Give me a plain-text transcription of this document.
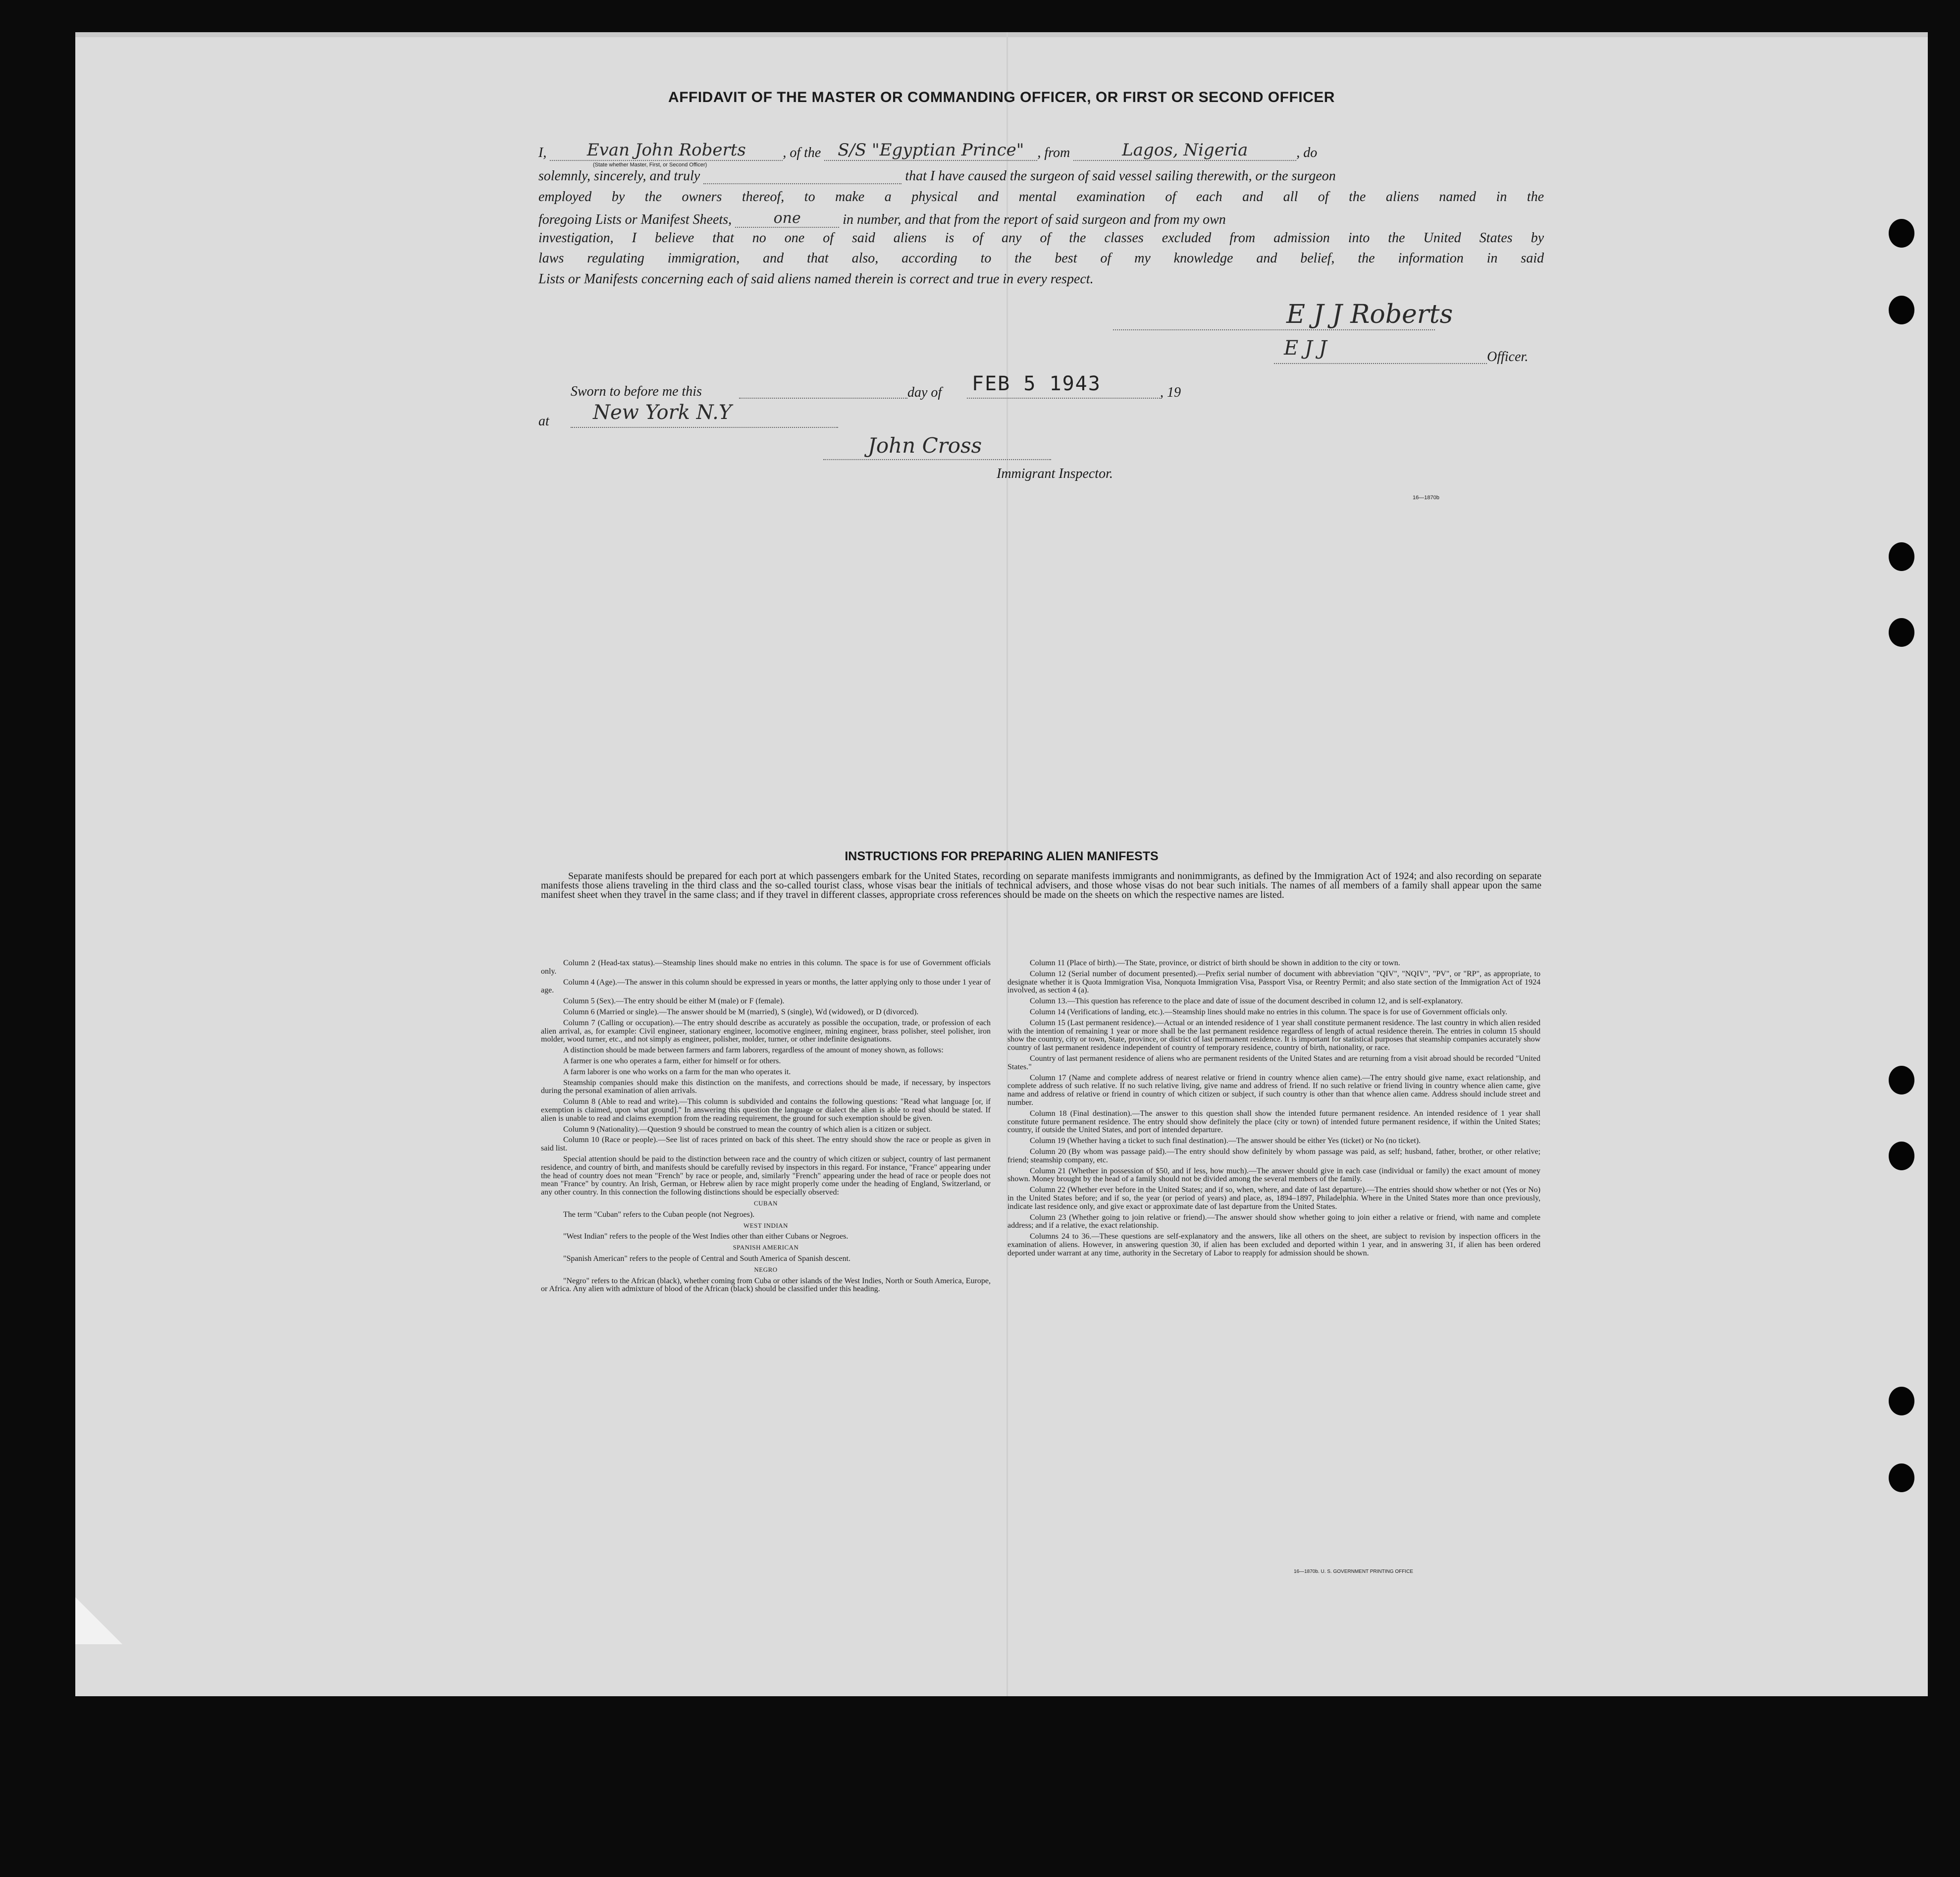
AFFIDAVIT OF THE MASTER OR COMMANDING OFFICER, OR FIRST OR SECOND OFFICER
I, Evan John Roberts	, of the S/S "Egyptian Prince" , from	Lagos, Nigeria	, do
(State whether Master, First, or Second Officer)
solemnly, sincerely, and truly	that I have caused the surgeon of said vessel sailing therewith, or the surgeon
employed by the owners thereof, to make a physical and mental examination of each and all of the aliens named in the
foregoing Lists or Manifest Sheets,	one	in number, and that from the report of said surgeon and from my own
investigation, I believe that no one of said aliens is of any of the classes excluded from admission into the United States by
laws regulating immigration, and that also, according to the best of my knowledge and belief, the information in said
Lists or Manifests concerning each of said aliens named therein is correct and true in every respect.
E J J Roberts
E J J	Officer.
Sworn to before me this	day of FEB 5 1943	, 19
at New York N.Y
John Cross
Immigrant Inspector.
16—1870b
INSTRUCTIONS FOR PREPARING ALIEN MANIFESTS
Separate manifests should be prepared for each port at which passengers embark for the United States, recording on separate manifests immigrants and nonimmigrants, as defined by the Immigration Act of 1924; and also recording on separate manifests those aliens traveling in the third class and the so-called tourist class, whose visas bear the initials of technical advisers, and those whose visas do not bear such initials. The names of all members of a family shall appear upon the same manifest sheet when they travel in the same class; and if they travel in different classes, appropriate cross references should be made on the sheets on which the respective names are listed.

Column 2 (Head-tax status).—Steamship lines should make no entries in this column. The space is for use of Government officials only.

Column 4 (Age).—The answer in this column should be expressed in years or months, the latter applying only to those under 1 year of age.

Column 5 (Sex).—The entry should be either M (male) or F (female).

Column 6 (Married or single).—The answer should be M (married), S (single), Wd (widowed), or D (divorced).

Column 7 (Calling or occupation).—The entry should describe as accurately as possible the occupation, trade, or profession of each alien arrival, as, for example: Civil engineer, stationary engineer, locomotive engineer, mining engineer, brass polisher, steel polisher, iron molder, wood turner, etc., and not simply as engineer, polisher, molder, turner, or other indefinite designations.

A distinction should be made between farmers and farm laborers, regardless of the amount of money shown, as follows:

A farmer is one who operates a farm, either for himself or for others.

A farm laborer is one who works on a farm for the man who operates it.

Steamship companies should make this distinction on the manifests, and corrections should be made, if necessary, by inspectors during the personal examination of alien arrivals.

Column 8 (Able to read and write).—This column is subdivided and contains the following questions: "Read what language [or, if exemption is claimed, upon what ground]." In answering this question the language or dialect the alien is able to read should be stated. If alien is unable to read and claims exemption from the reading requirement, the ground for such exemption should be given.

Column 9 (Nationality).—Question 9 should be construed to mean the country of which alien is a citizen or subject.

Column 10 (Race or people).—See list of races printed on back of this sheet. The entry should show the race or people as given in said list.

Special attention should be paid to the distinction between race and the country of which citizen or subject, country of last permanent residence, and country of birth, and manifests should be carefully revised by inspectors in this regard. For instance, "France" appearing under the head of country does not mean "French" by race or people, and, similarly "French" appearing under the head of race or people does not mean "France" by country. An Irish, German, or Hebrew alien by race might properly come under the heading of England, Switzerland, or any other country. In this connection the following distinctions should be especially observed:

CUBAN

The term "Cuban" refers to the Cuban people (not Negroes).

WEST INDIAN

"West Indian" refers to the people of the West Indies other than either Cubans or Negroes.

SPANISH AMERICAN

"Spanish American" refers to the people of Central and South America of Spanish descent.

NEGRO

"Negro" refers to the African (black), whether coming from Cuba or other islands of the West Indies, North or South America, Europe, or Africa. Any alien with admixture of blood of the African (black) should be classified under this heading.

Column 11 (Place of birth).—The State, province, or district of birth should be shown in addition to the city or town.

Column 12 (Serial number of document presented).—Prefix serial number of document with abbreviation "QIV", "NQIV", "PV", or "RP", as appropriate, to designate whether it is Quota Immigration Visa, Nonquota Immigration Visa, Passport Visa, or Reentry Permit; and also state section of the Immigration Act of 1924 involved, as section 4 (a).

Column 13.—This question has reference to the place and date of issue of the document described in column 12, and is self-explanatory.

Column 14 (Verifications of landing, etc.).—Steamship lines should make no entries in this column. The space is for use of Government officials only.

Column 15 (Last permanent residence).—Actual or an intended residence of 1 year shall constitute permanent residence. The last country in which alien resided with the intention of remaining 1 year or more shall be the last permanent residence regardless of length of actual residence therein. The entries in column 15 should show the country, city or town, State, province, or district of last permanent residence. It is important for statistical purposes that steamship companies accurately show country of last permanent residence independent of country of temporary residence, country of birth, nationality, or race.

Country of last permanent residence of aliens who are permanent residents of the United States and are returning from a visit abroad should be recorded "United States."

Column 17 (Name and complete address of nearest relative or friend in country whence alien came).—The entry should give name, exact relationship, and complete address of such relative. If no such relative living, give name and address of friend. If no such relative or friend living in country whence alien came, give name and address of relative or friend in country of which citizen or subject, if such country is other than that whence alien came. Address should include street and number.

Column 18 (Final destination).—The answer to this question shall show the intended future permanent residence. An intended residence of 1 year shall constitute future permanent residence. The entry should show definitely the place (city or town) of intended future permanent residence, if within the United States; country, if outside the United States, and port of intended departure.

Column 19 (Whether having a ticket to such final destination).—The answer should be either Yes (ticket) or No (no ticket).

Column 20 (By whom was passage paid).—The entry should show definitely by whom passage was paid, as self; husband, father, brother, or other relative; friend; steamship company, etc.

Column 21 (Whether in possession of $50, and if less, how much).—The answer should give in each case (individual or family) the exact amount of money shown. Money brought by the head of a family should not be divided among the several members of the family.

Column 22 (Whether ever before in the United States; and if so, when, where, and date of last departure).—The entries should show whether or not (Yes or No) in the United States before; and if so, the year (or period of years) and place, as, 1894–1897, Philadelphia. Where in the United States more than once previously, indicate last residence only, and give exact or approximate date of last departure from the United States.

Column 23 (Whether going to join relative or friend).—The answer should show whether going to join either a relative or friend, with name and complete address; and if a relative, the exact relationship.

Columns 24 to 36.—These questions are self-explanatory and the answers, like all others on the sheet, are subject to revision by inspection officers in the examination of aliens. However, in answering question 30, if alien has been excluded and deported within 1 year, and in answering 31, if alien has been ordered deported under warrant at any time, authority in the Secretary of Labor to reapply for admission should be shown.

16—1870b. U. S. GOVERNMENT PRINTING OFFICE
